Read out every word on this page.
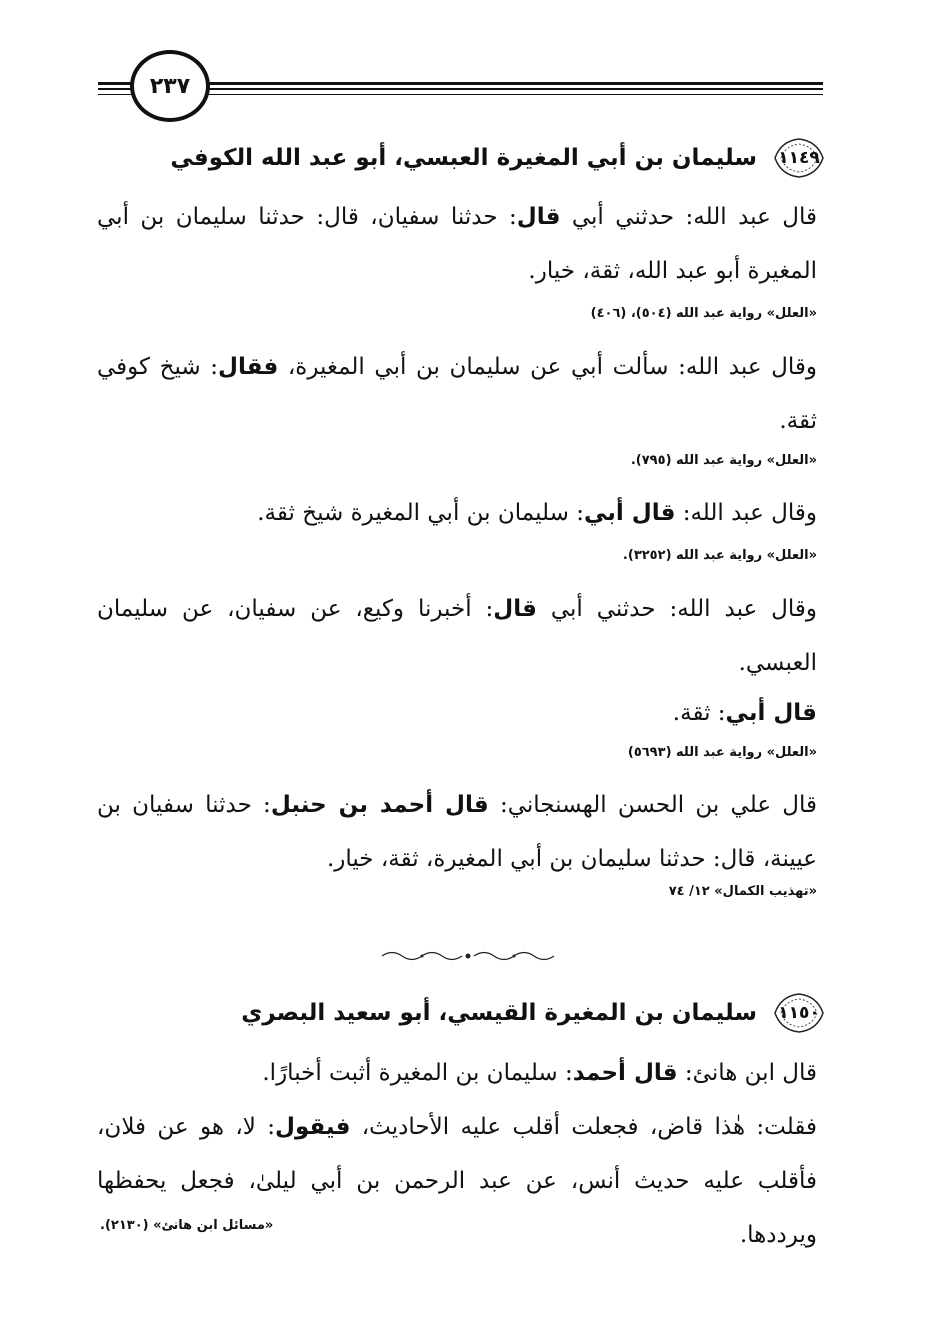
٢٣٧
١١٤٩
سليمان بن أبي المغيرة العبسي، أبو عبد الله الكوفي
قال عبد الله: حدثني أبي قال: حدثنا سفيان، قال: حدثنا سليمان بن أبي المغيرة أبو عبد الله، ثقة، خيار.
«العلل» رواية عبد الله (٥٠٤)، (٤٠٦)
وقال عبد الله: سألت أبي عن سليمان بن أبي المغيرة، فقال: شيخ كوفي ثقة.
«العلل» رواية عبد الله (٧٩٥).
وقال عبد الله: قال أبي: سليمان بن أبي المغيرة شيخ ثقة.
«العلل» رواية عبد الله (٣٢٥٢).
وقال عبد الله: حدثني أبي قال: أخبرنا وكيع، عن سفيان، عن سليمان العبسي.
قال أبي: ثقة.
«العلل» رواية عبد الله (٥٦٩٣)
قال علي بن الحسن الهسنجاني: قال أحمد بن حنبل: حدثنا سفيان بن عيينة، قال: حدثنا سليمان بن أبي المغيرة، ثقة، خيار.
«تهذيب الكمال» ١٢/ ٧٤
١١٥٠
سليمان بن المغيرة القيسي، أبو سعيد البصري
قال ابن هانئ: قال أحمد: سليمان بن المغيرة أثبت أخبارًا.
فقلت: هٰذا قاض، فجعلت أقلب عليه الأحاديث، فيقول: لا، هو عن فلان، فأقلب عليه حديث أنس، عن عبد الرحمن بن أبي ليلىٰ، فجعل يحفظها ويرددها.
«مسائل ابن هانئ» (٢١٣٠).
